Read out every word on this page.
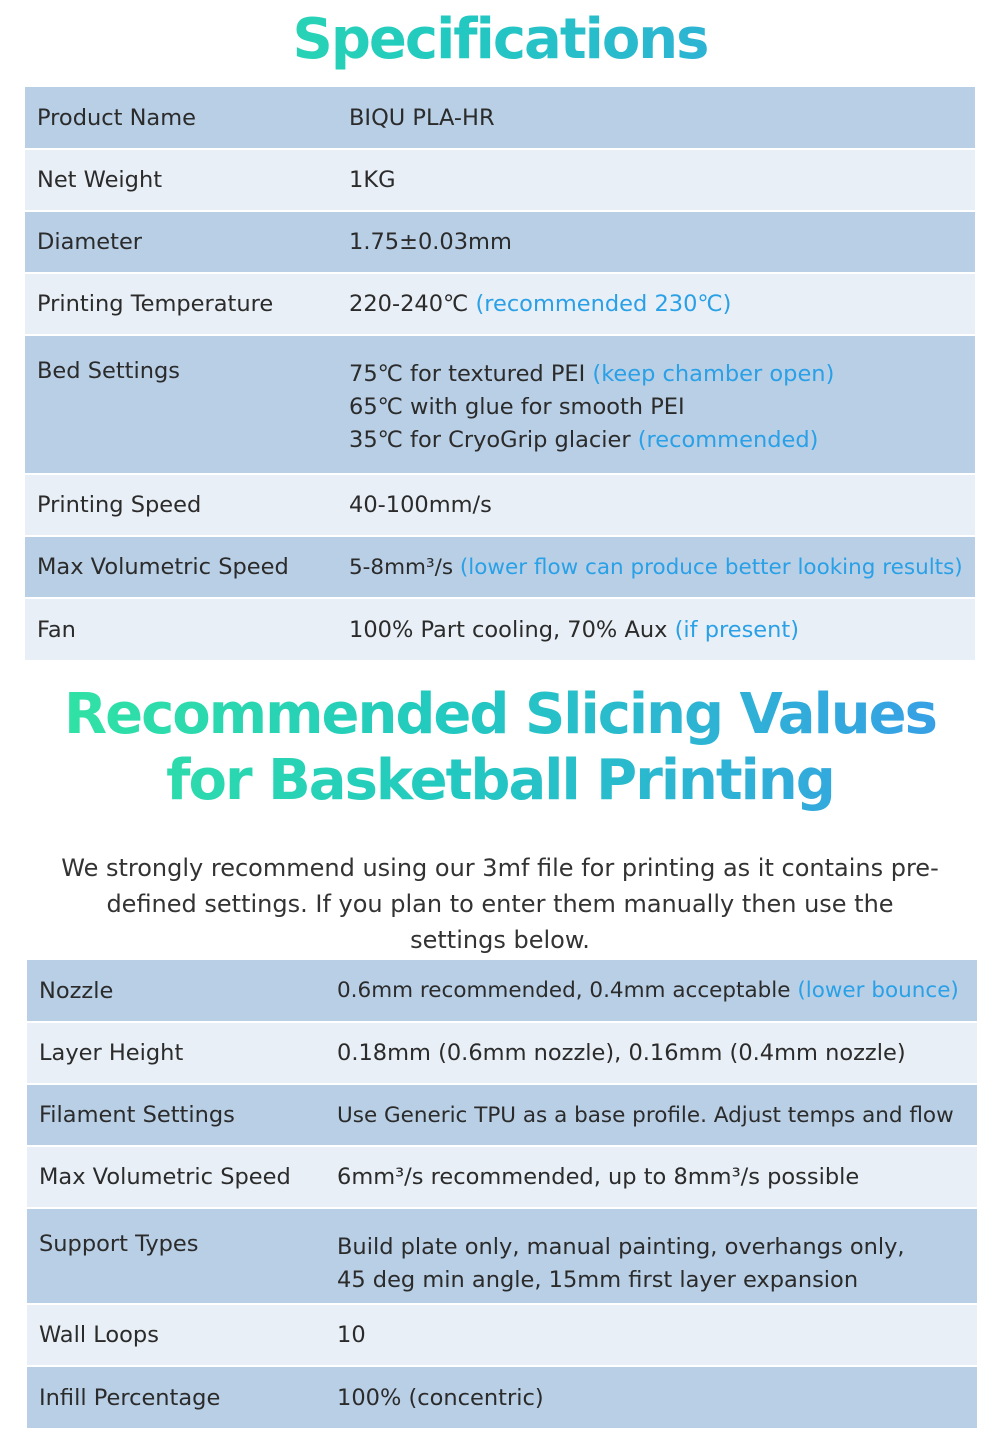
Specifications
Product Name	BIQU PLA-HR
Net Weight	1KG
Diameter	1.75±0.03mm
Printing Temperature	220-240℃ (recommended 230℃)
Bed Settings	75℃ for textured PEI (keep chamber open)
65℃ with glue for smooth PEI
35℃ for CryoGrip glacier (recommended)

Printing Speed	40-100mm/s
Max Volumetric Speed	5-8mm³/s (lower flow can produce better looking results)
Fan	100% Part cooling, 70% Aux (if present)
Recommended Slicing Values
for Basketball Printing

We strongly recommend using our 3mf file for printing as it contains pre-defined settings. If you plan to enter them manually then use the settings below.

Nozzle	0.6mm recommended, 0.4mm acceptable (lower bounce)
Layer Height	0.18mm (0.6mm nozzle), 0.16mm (0.4mm nozzle)
Filament Settings	Use Generic TPU as a base profile. Adjust temps and flow
Max Volumetric Speed	6mm³/s recommended, up to 8mm³/s possible
Support Types	Build plate only, manual painting, overhangs only,
45 deg min angle, 15mm first layer expansion

Wall Loops	10
Infill Percentage	100% (concentric)
